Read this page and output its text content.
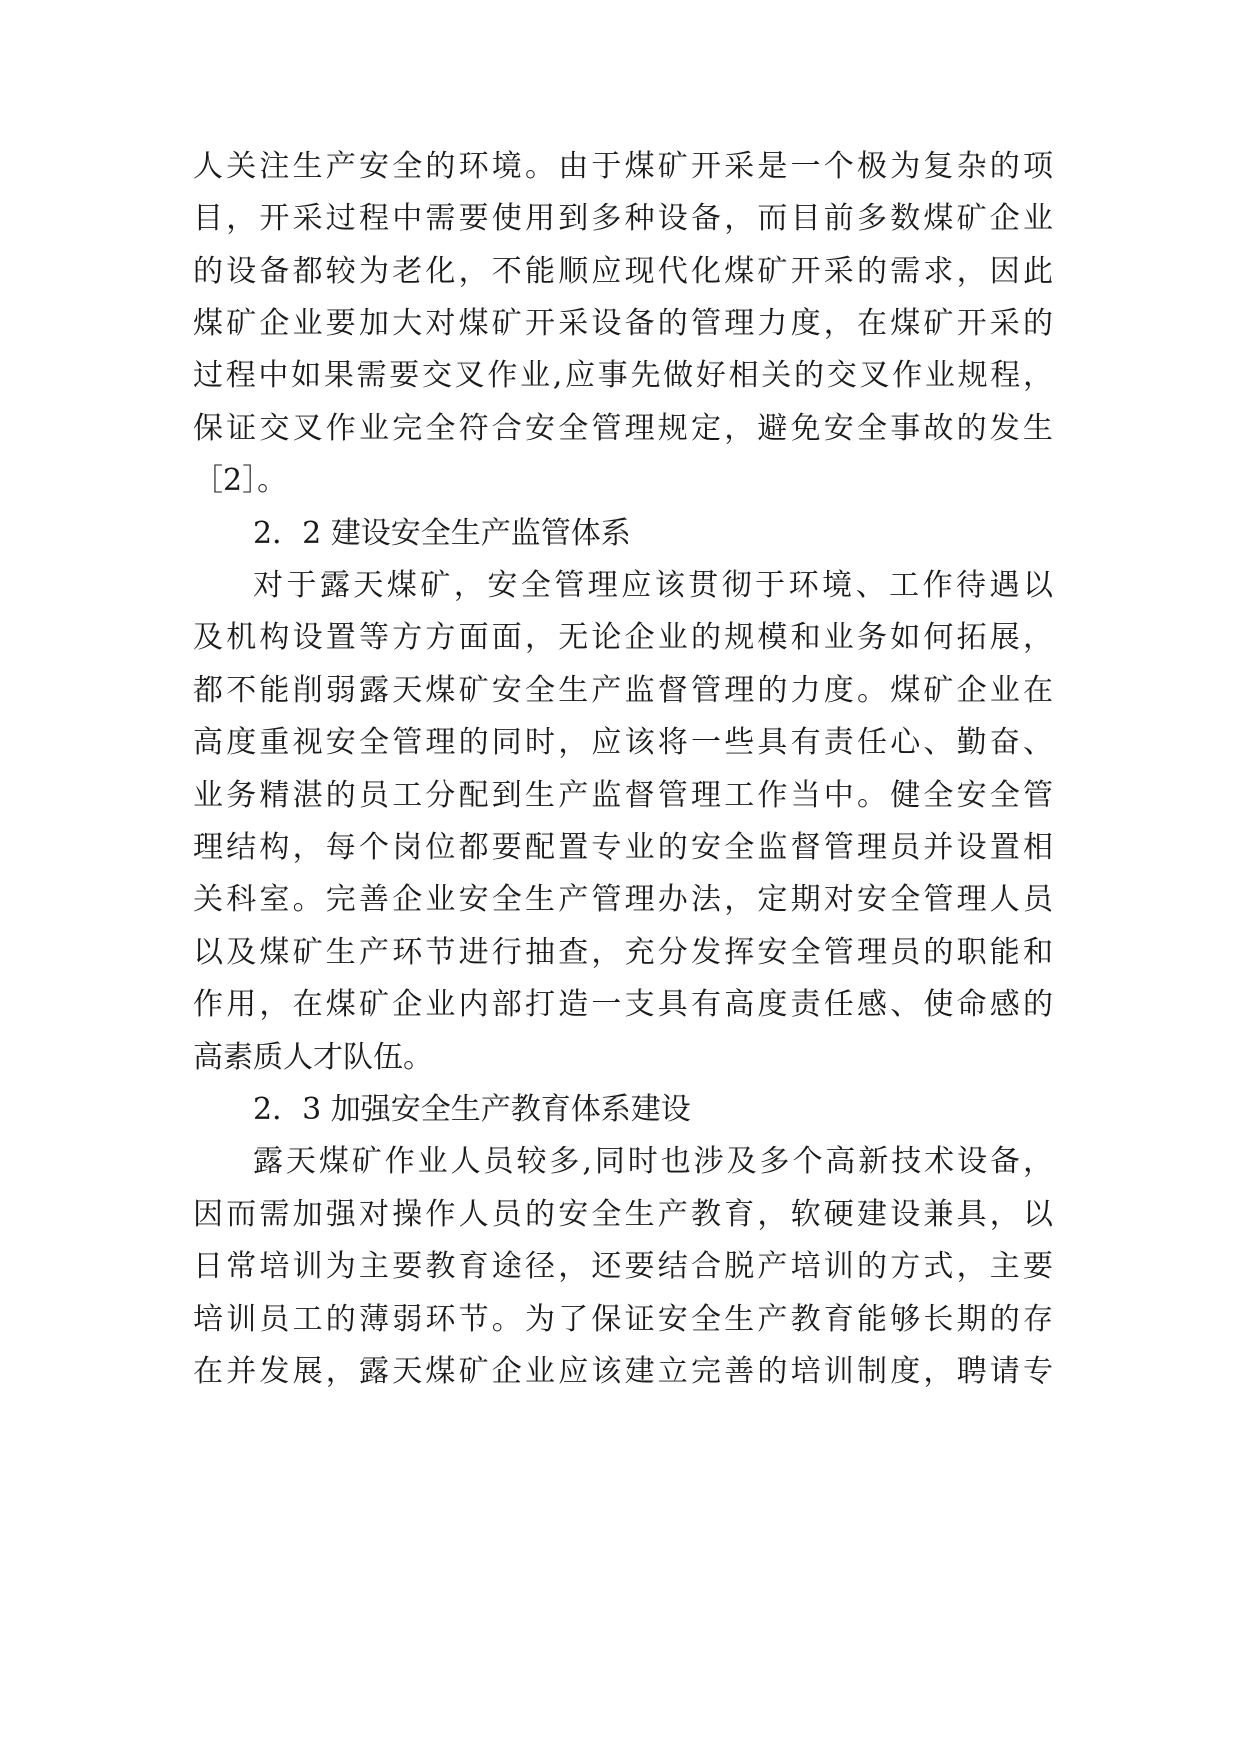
人关注生产安全的环境。由于煤矿开采是一个极为复杂的项
目，开采过程中需要使用到多种设备，而目前多数煤矿企业
的设备都较为老化，不能顺应现代化煤矿开采的需求，因此
煤矿企业要加大对煤矿开采设备的管理力度，在煤矿开采的
过程中如果需要交叉作业,应事先做好相关的交叉作业规程，
保证交叉作业完全符合安全管理规定，避免安全事故的发生
［2］。
2．2 建设安全生产监管体系
对于露天煤矿，安全管理应该贯彻于环境、工作待遇以
及机构设置等方方面面，无论企业的规模和业务如何拓展，
都不能削弱露天煤矿安全生产监督管理的力度。煤矿企业在
高度重视安全管理的同时，应该将一些具有责任心、勤奋、
业务精湛的员工分配到生产监督管理工作当中。健全安全管
理结构，每个岗位都要配置专业的安全监督管理员并设置相
关科室。完善企业安全生产管理办法，定期对安全管理人员
以及煤矿生产环节进行抽查，充分发挥安全管理员的职能和
作用，在煤矿企业内部打造一支具有高度责任感、使命感的
高素质人才队伍。
2．3 加强安全生产教育体系建设
露天煤矿作业人员较多,同时也涉及多个高新技术设备，
因而需加强对操作人员的安全生产教育，软硬建设兼具，以
日常培训为主要教育途径，还要结合脱产培训的方式，主要
培训员工的薄弱环节。为了保证安全生产教育能够长期的存
在并发展，露天煤矿企业应该建立完善的培训制度，聘请专
